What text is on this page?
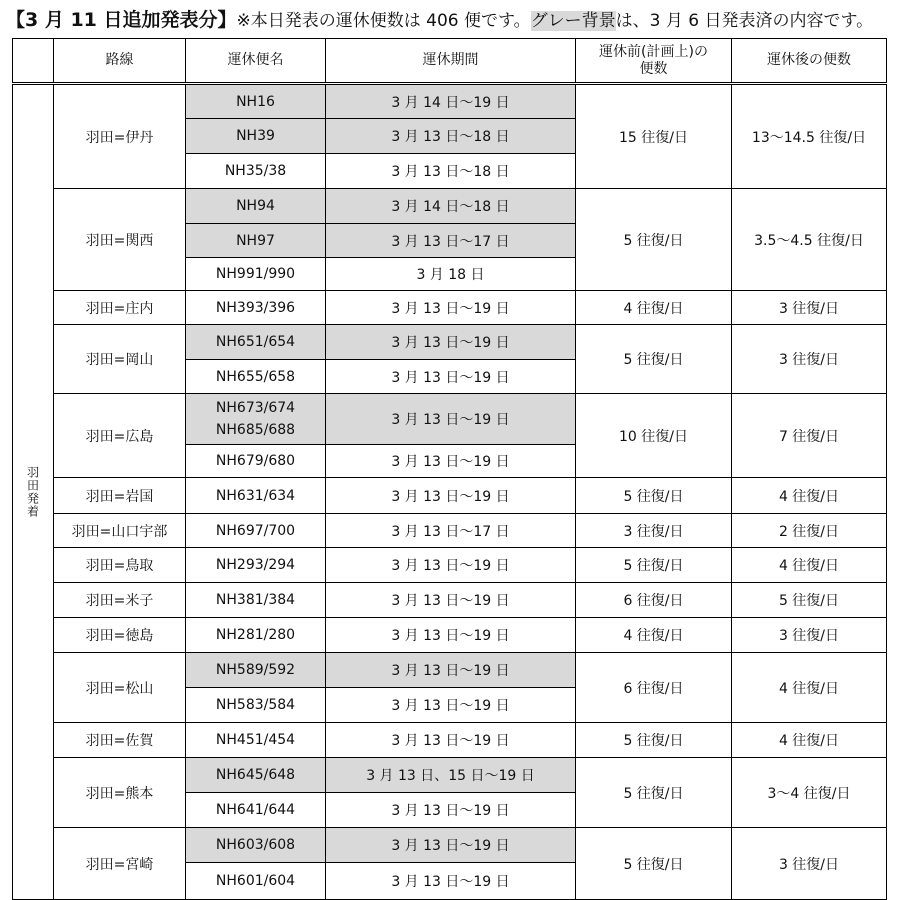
【3 月 11 日追加発表分】※本日発表の運休便数は 406 便です。グレー背景は、3 月 6 日発表済の内容です。
	路線	運休便名	運休期間	運休前(計画上)の
便数	運休後の便数
羽田発着	羽田=伊丹	NH16	3 月 14 日～19 日	15 往復/日	13～14.5 往復/日
		NH39	3 月 13 日～18 日		
		NH35/38	3 月 13 日～18 日		
	羽田=関西	NH94	3 月 14 日～18 日	5 往復/日	3.5～4.5 往復/日
		NH97	3 月 13 日～17 日		
		NH991/990	3 月 18 日		
	羽田=庄内	NH393/396	3 月 13 日～19 日	4 往復/日	3 往復/日
	羽田=岡山	NH651/654	3 月 13 日～19 日	5 往復/日	3 往復/日
		NH655/658	3 月 13 日～19 日		
	羽田=広島	NH673/674
NH685/688	3 月 13 日～19 日	10 往復/日	7 往復/日
		NH679/680	3 月 13 日～19 日		
	羽田=岩国	NH631/634	3 月 13 日～19 日	5 往復/日	4 往復/日
	羽田=山口宇部	NH697/700	3 月 13 日～17 日	3 往復/日	2 往復/日
	羽田=鳥取	NH293/294	3 月 13 日～19 日	5 往復/日	4 往復/日
	羽田=米子	NH381/384	3 月 13 日～19 日	6 往復/日	5 往復/日
	羽田=徳島	NH281/280	3 月 13 日～19 日	4 往復/日	3 往復/日
	羽田=松山	NH589/592	3 月 13 日～19 日	6 往復/日	4 往復/日
		NH583/584	3 月 13 日～19 日		
	羽田=佐賀	NH451/454	3 月 13 日～19 日	5 往復/日	4 往復/日
	羽田=熊本	NH645/648	3 月 13 日、15 日～19 日	5 往復/日	3～4 往復/日
		NH641/644	3 月 13 日～19 日		
	羽田=宮崎	NH603/608	3 月 13 日～19 日	5 往復/日	3 往復/日
		NH601/604	3 月 13 日～19 日		
